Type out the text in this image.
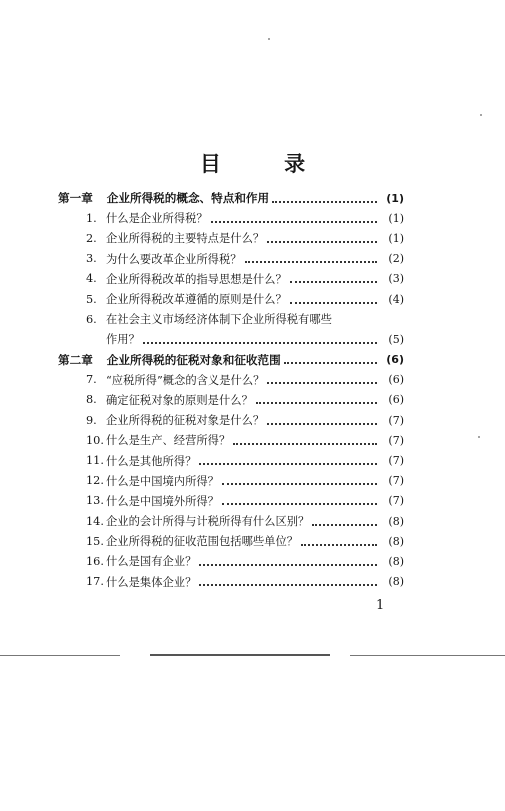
目 录
第一章 企业所得税的概念、特点和作用	(1)
1. 什么是企业所得税？	(1)
2. 企业所得税的主要特点是什么？	(1)
3. 为什么要改革企业所得税？	(2)
4. 企业所得税改革的指导思想是什么？	(3)
5. 企业所得税改革遵循的原则是什么？	(4)
6. 在社会主义市场经济体制下企业所得税有哪些
作用？	(5)
第二章 企业所得税的征税对象和征收范围	(6)
7. “应税所得”概念的含义是什么？	(6)
8. 确定征税对象的原则是什么？	(6)
9. 企业所得税的征税对象是什么？	(7)
10. 什么是生产、经营所得？	(7)
11. 什么是其他所得？	(7)
12. 什么是中国境内所得？	(7)
13. 什么是中国境外所得？	(7)
14. 企业的会计所得与计税所得有什么区别？	(8)
15. 企业所得税的征收范围包括哪些单位？	(8)
16. 什么是国有企业？	(8)
17. 什么是集体企业？	(8)
1
